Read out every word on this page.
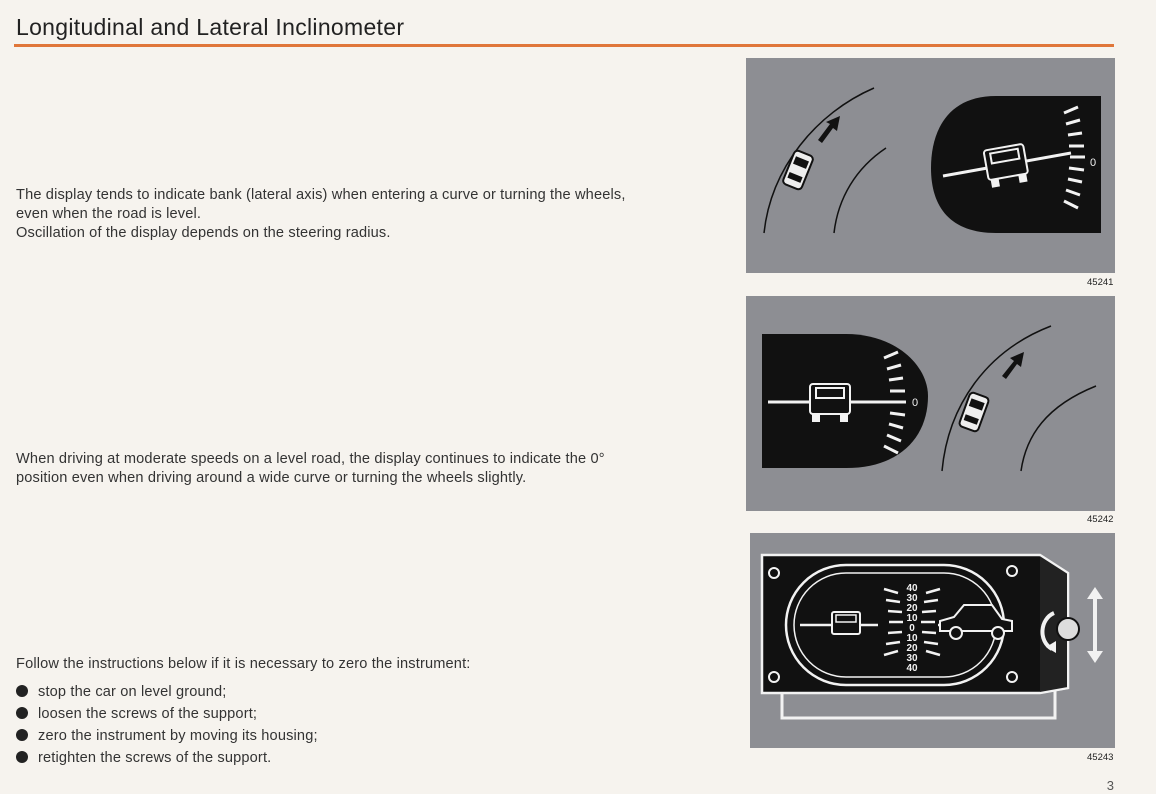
Longitudinal and Lateral Inclinometer
The display tends to indicate bank (lateral axis) when entering a curve or turning the wheels,
even when the road is level.
Oscillation of the display depends on the steering radius.
When driving at moderate speeds on a level road, the display continues to indicate the 0°
position even when driving around a wide curve or turning the wheels slightly.
Follow the instructions below if it is necessary to zero the instrument:
stop the car on level ground;
loosen the screws of the support;
zero the instrument by moving its housing;
retighten the screws of the support.
0
45241
0
45242
40
30
20
10
0
10
20
30
40
45243
3
